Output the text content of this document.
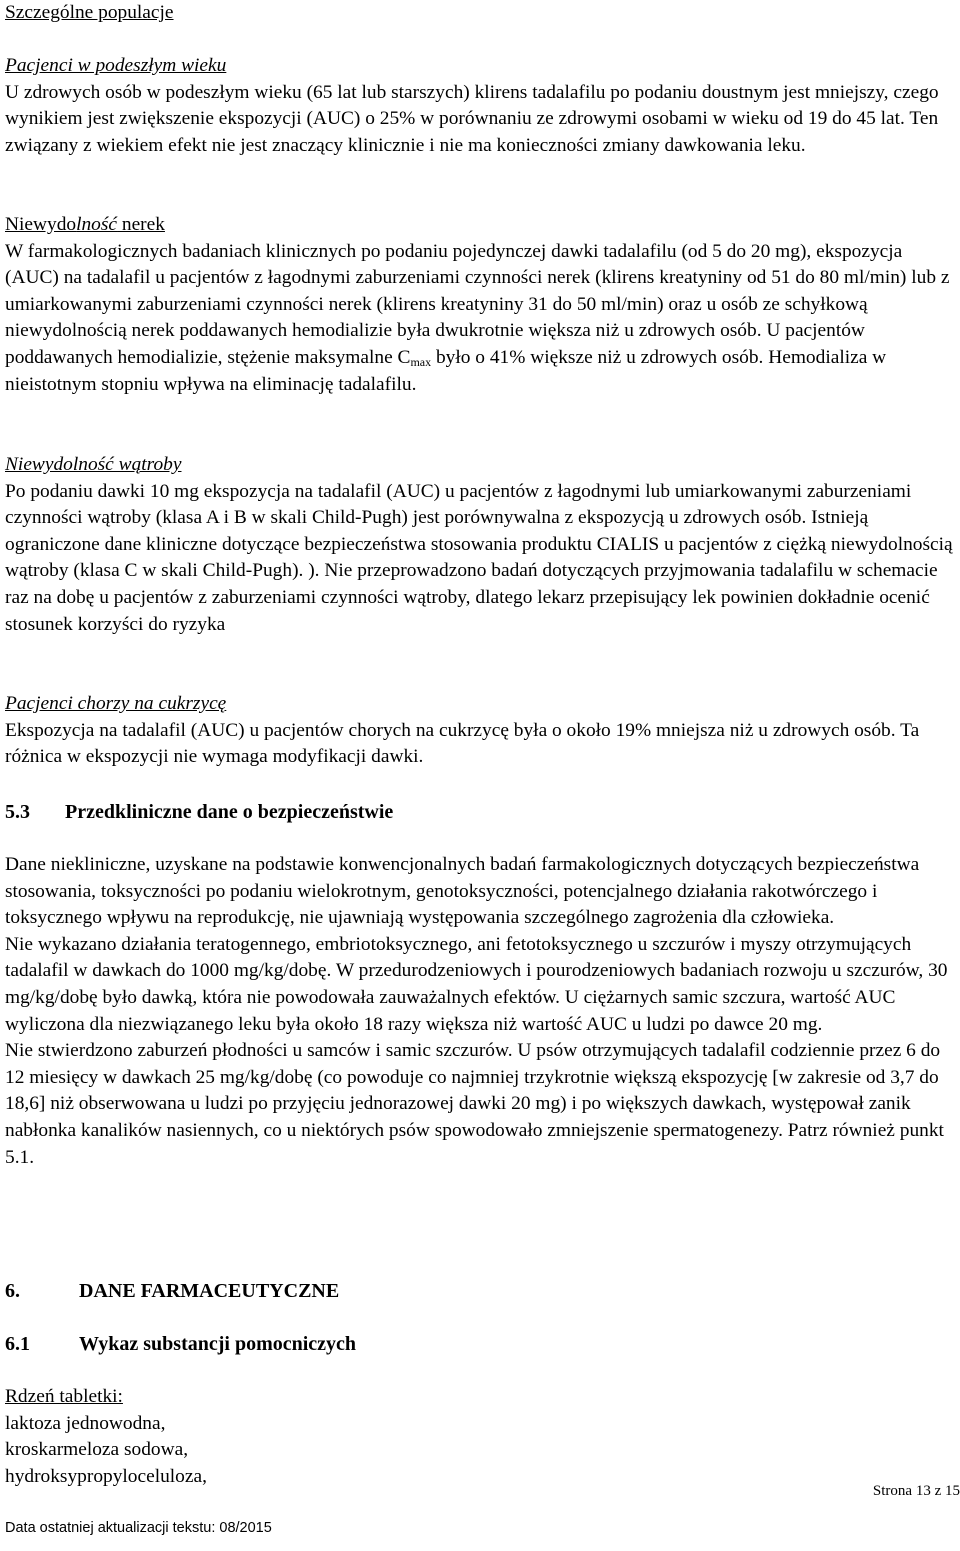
Szczególne populacje

Pacjenci w podeszłym wieku

U zdrowych osób w podeszłym wieku (65 lat lub starszych) klirens tadalafilu po podaniu doustnym jest mniejszy, czego wynikiem jest zwiększenie ekspozycji (AUC) o 25% w porównaniu ze zdrowymi osobami w wieku od 19 do 45 lat. Ten związany z wiekiem efekt nie jest znaczący klinicznie i nie ma konieczności zmiany dawkowania leku.

Niewydolność nerek

W farmakologicznych badaniach klinicznych po podaniu pojedynczej dawki tadalafilu (od 5 do 20 mg), ekspozycja (AUC) na tadalafil u pacjentów z łagodnymi zaburzeniami czynności nerek (klirens kreatyniny od 51 do 80 ml/min) lub z umiarkowanymi zaburzeniami czynności nerek (klirens kreatyniny 31 do 50 ml/min) oraz u osób ze schyłkową niewydolnością nerek poddawanych hemodializie była dwukrotnie większa niż u zdrowych osób. U pacjentów poddawanych hemodializie, stężenie maksymalne $C_{max}$ było o 41% większe niż u zdrowych osób. Hemodializa w nieistotnym stopniu wpływa na eliminację tadalafilu.

Niewydolność wątroby

Po podaniu dawki 10 mg ekspozycja na tadalafil (AUC) u pacjentów z łagodnymi lub umiarkowanymi zaburzeniami czynności wątroby (klasa A i B w skali Child-Pugh) jest porównywalna z ekspozycją u zdrowych osób. Istnieją ograniczone dane kliniczne dotyczące bezpieczeństwa stosowania produktu CIALIS u pacjentów z ciężką niewydolnością wątroby (klasa C w skali Child-Pugh). ). Nie przeprowadzono badań dotyczących przyjmowania tadalafilu w schemacie raz na dobę u pacjentów z zaburzeniami czynności wątroby, dlatego lekarz przepisujący lek powinien dokładnie ocenić stosunek korzyści do ryzyka

Pacjenci chorzy na cukrzycę

Ekspozycja na tadalafil (AUC) u pacjentów chorych na cukrzycę była o około 19% mniejsza niż u zdrowych osób. Ta różnica w ekspozycji nie wymaga modyfikacji dawki.

5.3 Przedkliniczne dane o bezpieczeństwie

Dane niekliniczne, uzyskane na podstawie konwencjonalnych badań farmakologicznych dotyczących bezpieczeństwa stosowania, toksyczności po podaniu wielokrotnym, genotoksyczności, potencjalnego działania rakotwórczego i toksycznego wpływu na reprodukcję, nie ujawniają występowania szczególnego zagrożenia dla człowieka.

Nie wykazano działania teratogennego, embriotoksycznego, ani fetotoksycznego u szczurów i myszy otrzymujących tadalafil w dawkach do 1000 mg/kg/dobę. W przedurodzeniowych i pourodzeniowych badaniach rozwoju u szczurów, 30 mg/kg/dobę było dawką, która nie powodowała zauważalnych efektów. U ciężarnych samic szczura, wartość AUC wyliczona dla niezwiązanego leku była około 18 razy większa niż wartość AUC u ludzi po dawce 20 mg.

Nie stwierdzono zaburzeń płodności u samców i samic szczurów. U psów otrzymujących tadalafil codziennie przez 6 do 12 miesięcy w dawkach 25 mg/kg/dobę (co powoduje co najmniej trzykrotnie większą ekspozycję [w zakresie od 3,7 do 18,6] niż obserwowana u ludzi po przyjęciu jednorazowej dawki 20 mg) i po większych dawkach, występował zanik nabłonka kanalików nasiennych, co u niektórych psów spowodowało zmniejszenie spermatogenezy. Patrz również punkt 5.1.

6.	DANE FARMACEUTYCZNE
6.1 Wykaz substancji pomocniczych

Rdzeń tabletki:

laktoza jednowodna,

kroskarmeloza sodowa,

hydroksypropyloceluloza,

Strona 13 z 15
Data ostatniej aktualizacji tekstu: 08/2015
